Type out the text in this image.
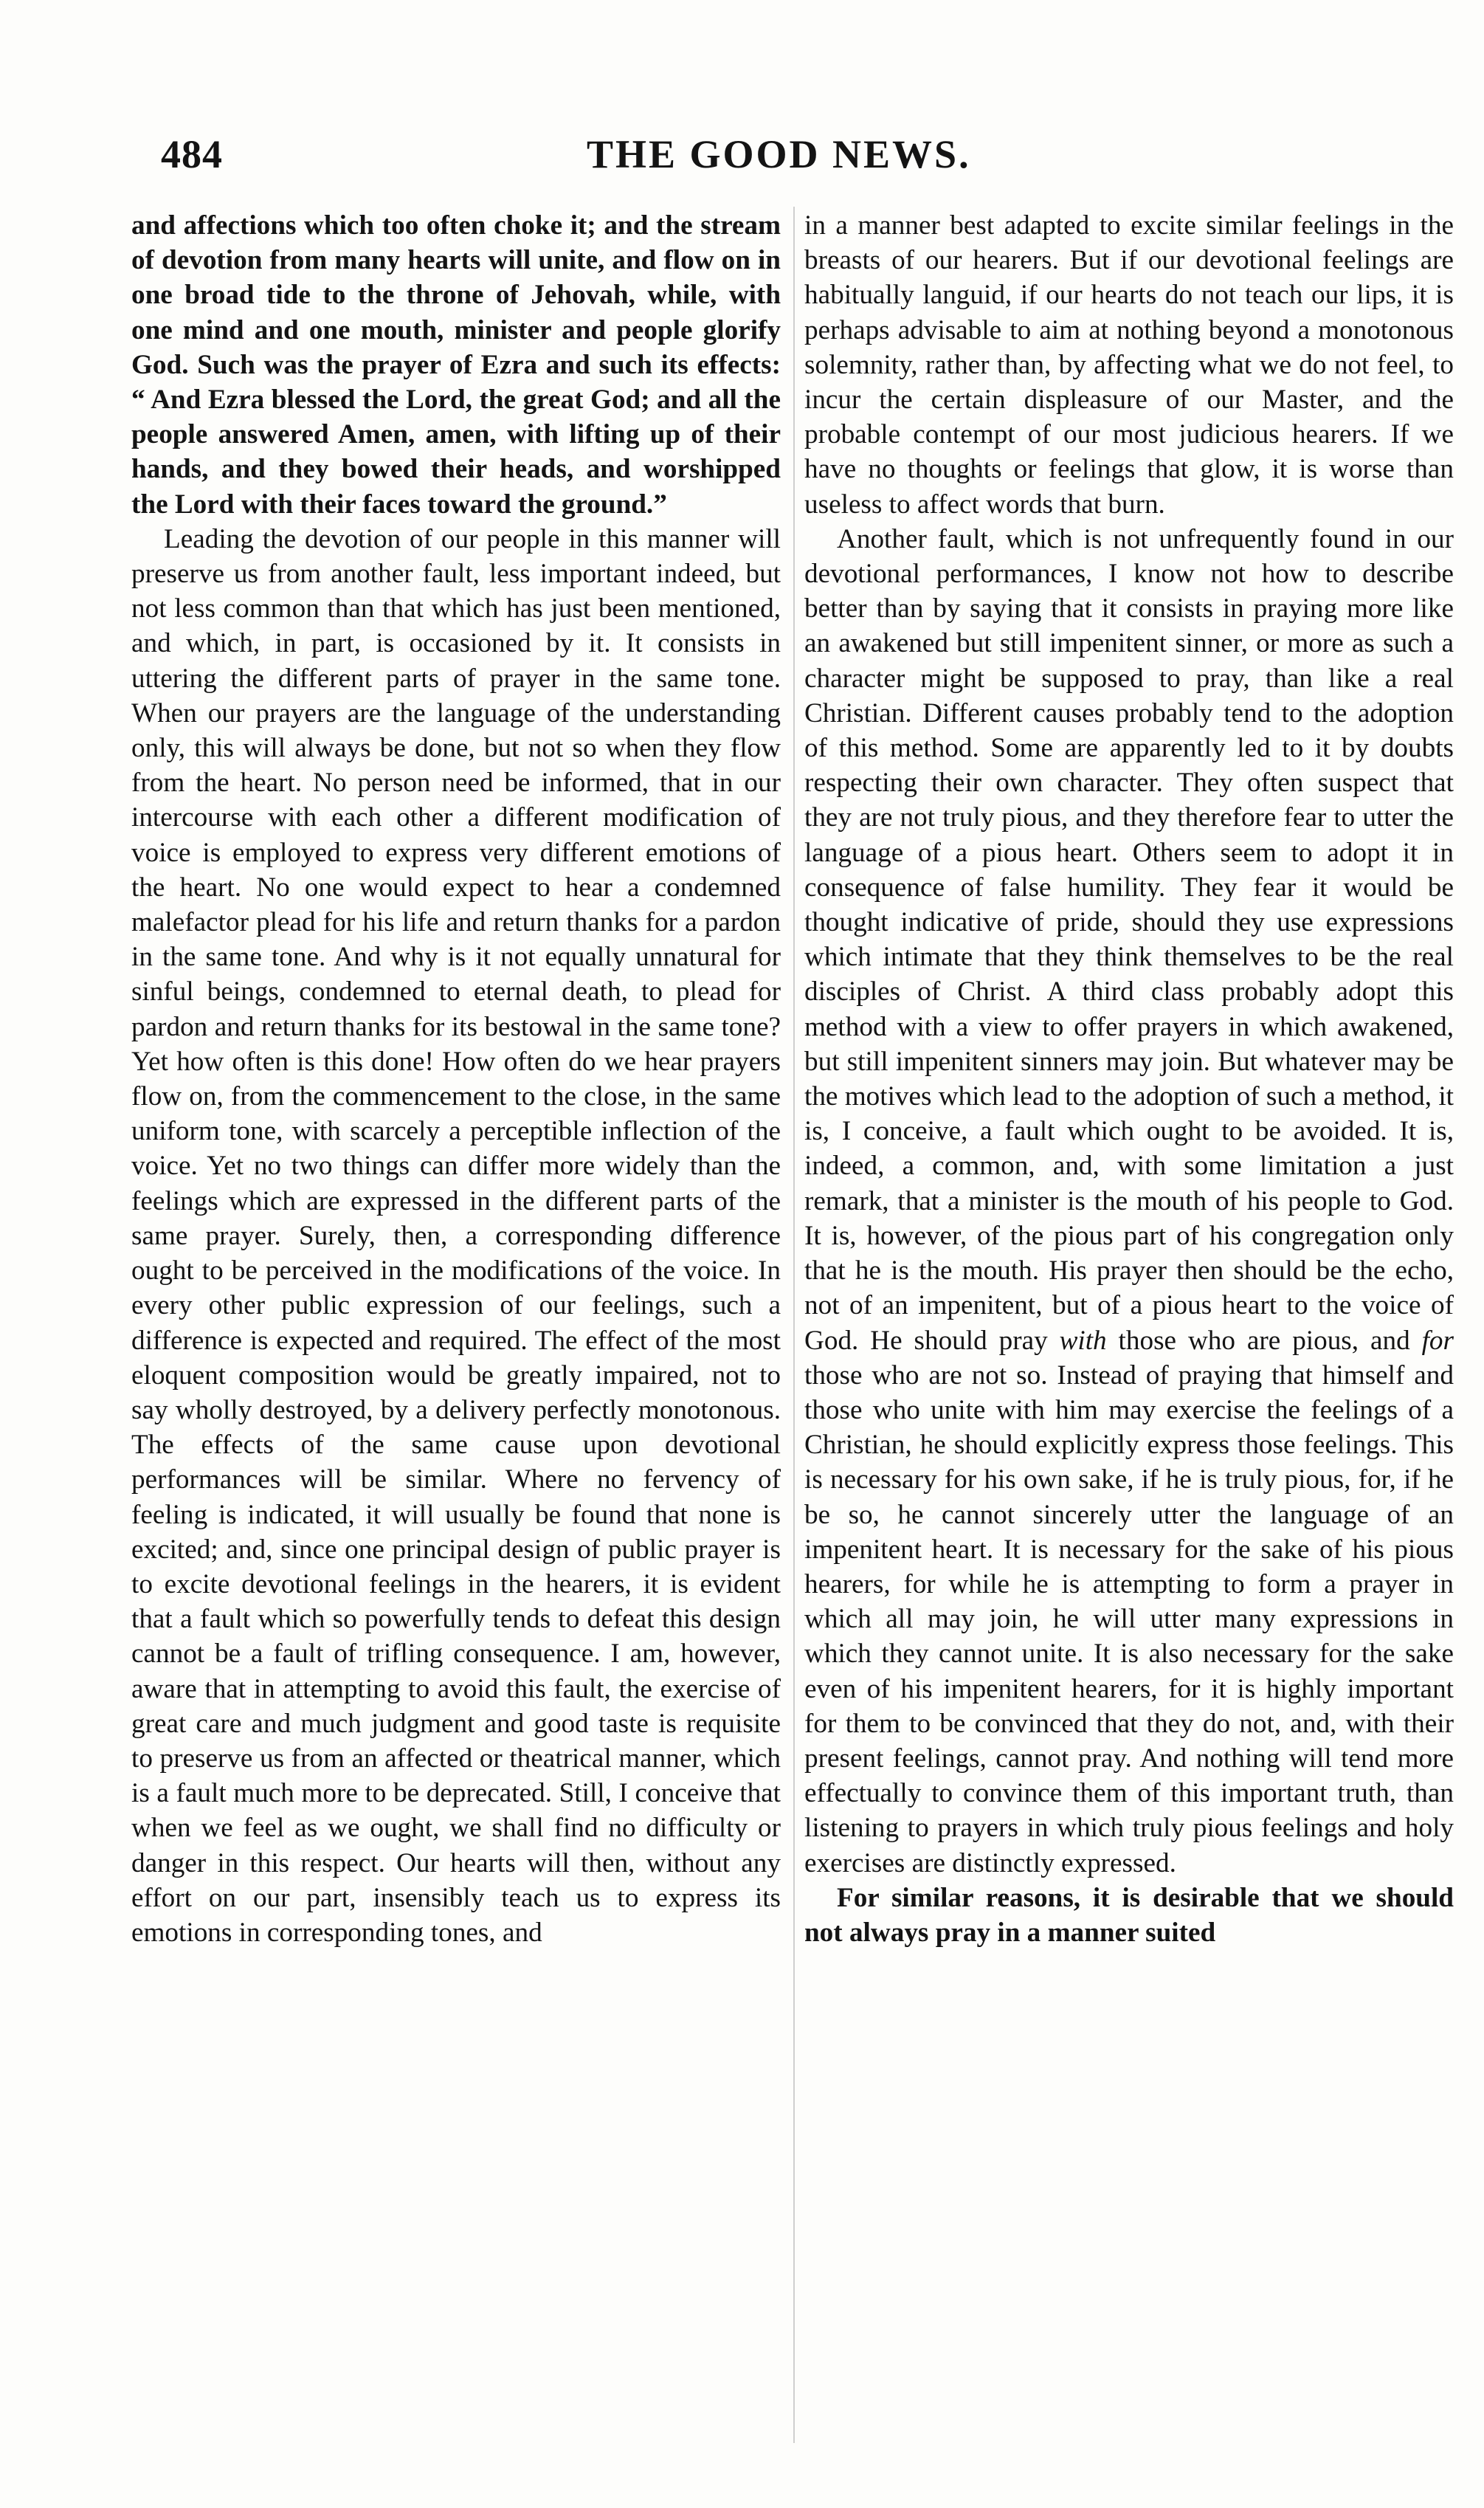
484	THE GOOD NEWS.

and affections which too often choke it; and the stream of devotion from many hearts will unite, and flow on in one broad tide to the throne of Jehovah, while, with one mind and one mouth, minister and people glorify God. Such was the prayer of Ezra and such its effects: “ And Ezra blessed the Lord, the great God; and all the people answered Amen, amen, with lifting up of their hands, and they bowed their heads, and worshipped the Lord with their faces toward the ground.”

Leading the devotion of our people in this manner will preserve us from another fault, less important indeed, but not less common than that which has just been mentioned, and which, in part, is occasioned by it. It consists in uttering the different parts of prayer in the same tone. When our prayers are the language of the understanding only, this will always be done, but not so when they flow from the heart. No person need be informed, that in our intercourse with each other a different modification of voice is employed to express very different emotions of the heart. No one would expect to hear a condemned malefactor plead for his life and return thanks for a pardon in the same tone. And why is it not equally unnatural for sinful beings, condemned to eternal death, to plead for pardon and return thanks for its bestowal in the same tone? Yet how often is this done! How often do we hear prayers flow on, from the commencement to the close, in the same uniform tone, with scarcely a perceptible inflection of the voice. Yet no two things can differ more widely than the feelings which are expressed in the different parts of the same prayer. Surely, then, a corresponding difference ought to be perceived in the modifications of the voice. In every other public expression of our feelings, such a difference is expected and required. The effect of the most eloquent composition would be greatly impaired, not to say wholly destroyed, by a delivery perfectly monotonous. The effects of the same cause upon devotional performances will be similar. Where no fervency of feeling is indicated, it will usually be found that none is excited; and, since one principal design of public prayer is to excite devotional feelings in the hearers, it is evident that a fault which so powerfully tends to defeat this design cannot be a fault of trifling consequence. I am, however, aware that in attempting to avoid this fault, the exercise of great care and much judgment and good taste is requisite to preserve us from an affected or theatrical manner, which is a fault much more to be deprecated. Still, I conceive that when we feel as we ought, we shall find no difficulty or danger in this respect. Our hearts will then, without any effort on our part, insensibly teach us to express its emotions in corresponding tones, and

in a manner best adapted to excite similar feelings in the breasts of our hearers. But if our devotional feelings are habitually languid, if our hearts do not teach our lips, it is perhaps advisable to aim at nothing beyond a monotonous solemnity, rather than, by affecting what we do not feel, to incur the certain displeasure of our Master, and the probable contempt of our most judicious hearers. If we have no thoughts or feelings that glow, it is worse than useless to affect words that burn.

Another fault, which is not unfrequently found in our devotional performances, I know not how to describe better than by saying that it consists in praying more like an awakened but still impenitent sinner, or more as such a character might be supposed to pray, than like a real Christian. Different causes probably tend to the adoption of this method. Some are apparently led to it by doubts respecting their own character. They often suspect that they are not truly pious, and they therefore fear to utter the language of a pious heart. Others seem to adopt it in consequence of false humility. They fear it would be thought indicative of pride, should they use expressions which intimate that they think themselves to be the real disciples of Christ. A third class probably adopt this method with a view to offer prayers in which awakened, but still impenitent sinners may join. But whatever may be the motives which lead to the adoption of such a method, it is, I conceive, a fault which ought to be avoided. It is, indeed, a common, and, with some limitation a just remark, that a minister is the mouth of his people to God. It is, however, of the pious part of his congregation only that he is the mouth. His prayer then should be the echo, not of an impenitent, but of a pious heart to the voice of God. He should pray with those who are pious, and for those who are not so. Instead of praying that himself and those who unite with him may exercise the feelings of a Christian, he should explicitly express those feelings. This is necessary for his own sake, if he is truly pious, for, if he be so, he cannot sincerely utter the language of an impenitent heart. It is necessary for the sake of his pious hearers, for while he is attempting to form a prayer in which all may join, he will utter many expressions in which they cannot unite. It is also necessary for the sake even of his impenitent hearers, for it is highly important for them to be convinced that they do not, and, with their present feelings, cannot pray. And nothing will tend more effectually to convince them of this important truth, than listening to prayers in which truly pious feelings and holy exercises are distinctly expressed.

For similar reasons, it is desirable that we should not always pray in a manner suited
